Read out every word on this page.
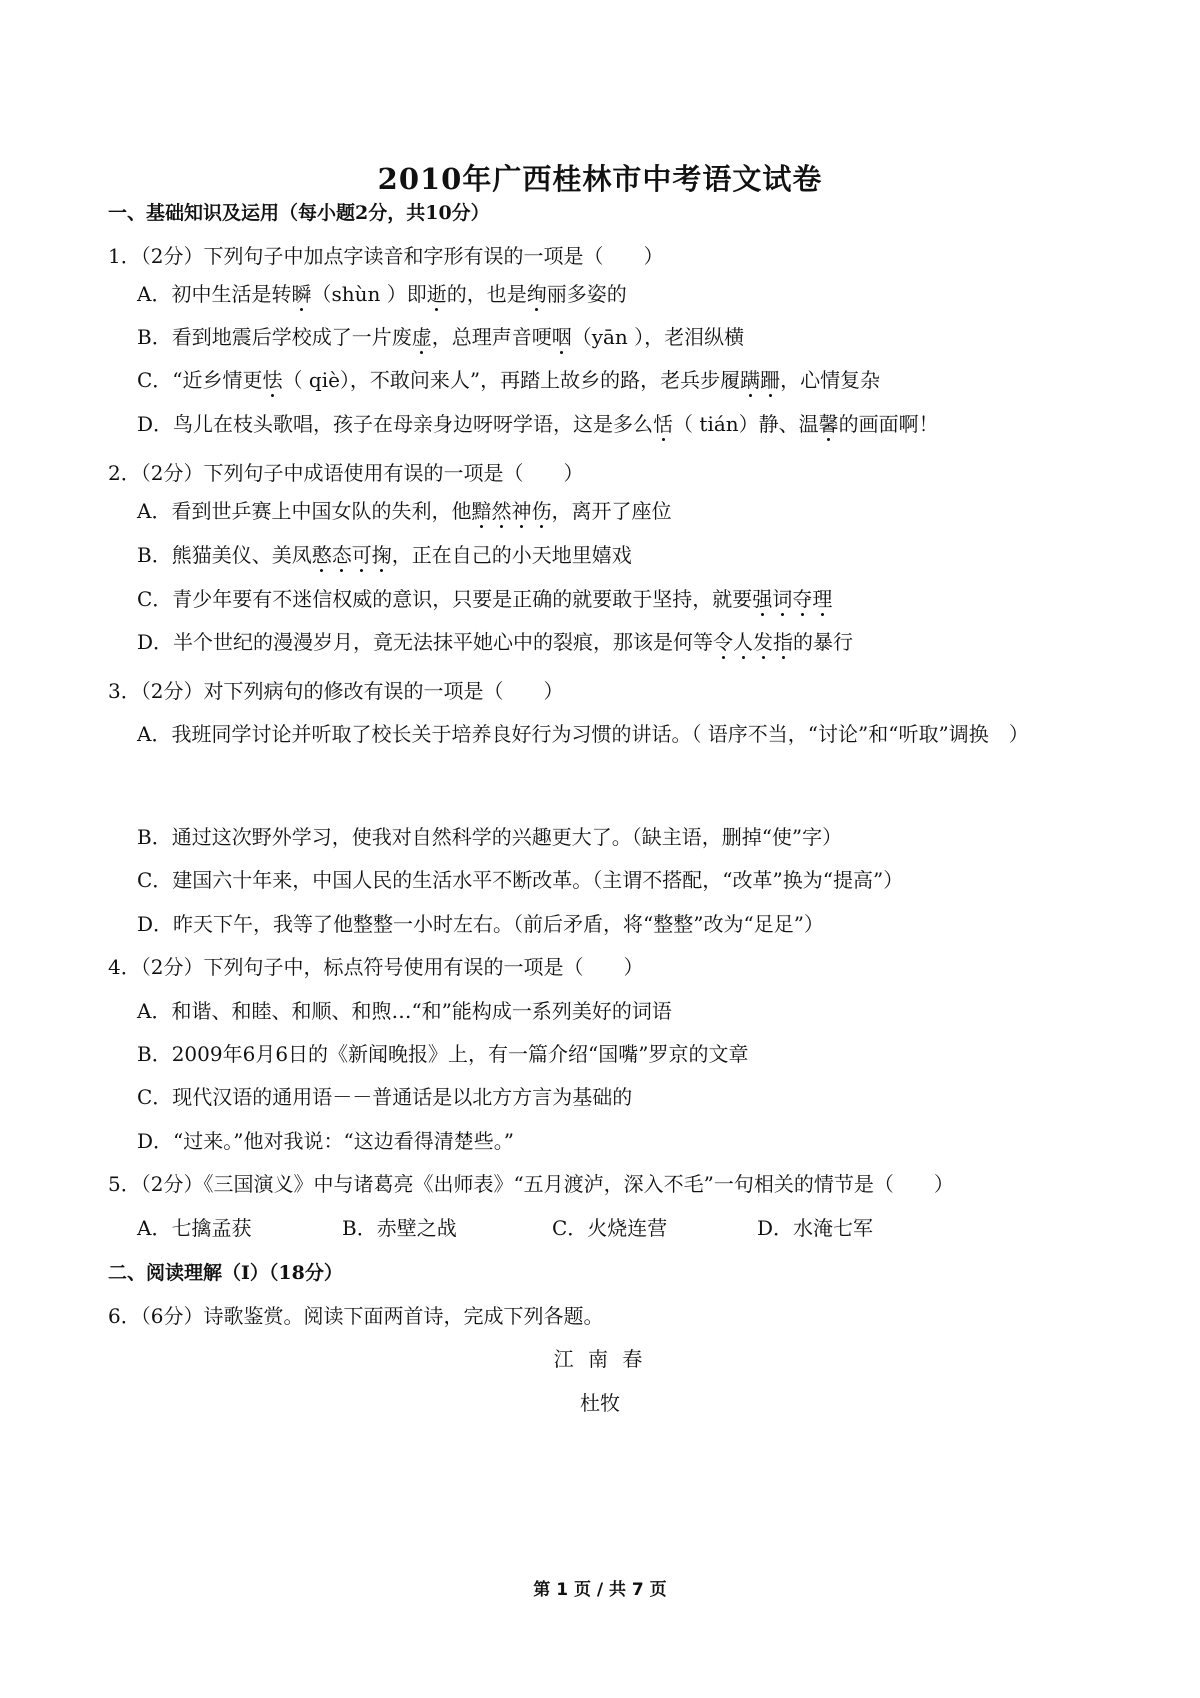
2010年广西桂林市中考语文试卷
一、基础知识及运用（每小题2分，共10分）
1．（2分）下列句子中加点字读音和字形有误的一项是（　　）
A．初中生活是转瞬（shùn ）即逝的，也是绚丽多姿的
B．看到地震后学校成了一片废虚，总理声音哽咽（yān ），老泪纵横
C．“近乡情更怯（ qiè），不敢问来人”，再踏上故乡的路，老兵步履蹒跚，心情复杂
D．鸟儿在枝头歌唱，孩子在母亲身边呀呀学语，这是多么恬（ tián）静、温馨的画面啊！
2．（2分）下列句子中成语使用有误的一项是（　　）
A．看到世乒赛上中国女队的失利，他黯然神伤，离开了座位
B．熊猫美仪、美凤憨态可掬，正在自己的小天地里嬉戏
C．青少年要有不迷信权威的意识，只要是正确的就要敢于坚持，就要强词夺理
D．半个世纪的漫漫岁月，竟无法抹平她心中的裂痕，那该是何等令人发指的暴行
3．（2分）对下列病句的修改有误的一项是（　　）
A．我班同学讨论并听取了校长关于培养良好行为习惯的讲话。（ 语序不当，“讨论”和“听取”调换　）
B．通过这次野外学习，使我对自然科学的兴趣更大了。（缺主语，删掉“使”字）
C．建国六十年来，中国人民的生活水平不断改革。（主谓不搭配，“改革”换为“提高”）
D．昨天下午，我等了他整整一小时左右。（前后矛盾，将“整整”改为“足足”）
4．（2分）下列句子中，标点符号使用有误的一项是（　　）
A．和谐、和睦、和顺、和煦…“和”能构成一系列美好的词语
B．2009年6月6日的《新闻晚报》上，有一篇介绍“国嘴”罗京的文章
C．现代汉语的通用语－－普通话是以北方方言为基础的
D．“过来。”他对我说：“这边看得清楚些。”
5．（2分）《三国演义》中与诸葛亮《出师表》“五月渡泸，深入不毛”一句相关的情节是（　　）
A．七擒孟获	B．赤壁之战	C．火烧连营	D．水淹七军
二、阅读理解（Ⅰ）（18分）
6．（6分）诗歌鉴赏。阅读下面两首诗，完成下列各题。
江 南 春
杜牧
第 1 页 / 共 7 页
